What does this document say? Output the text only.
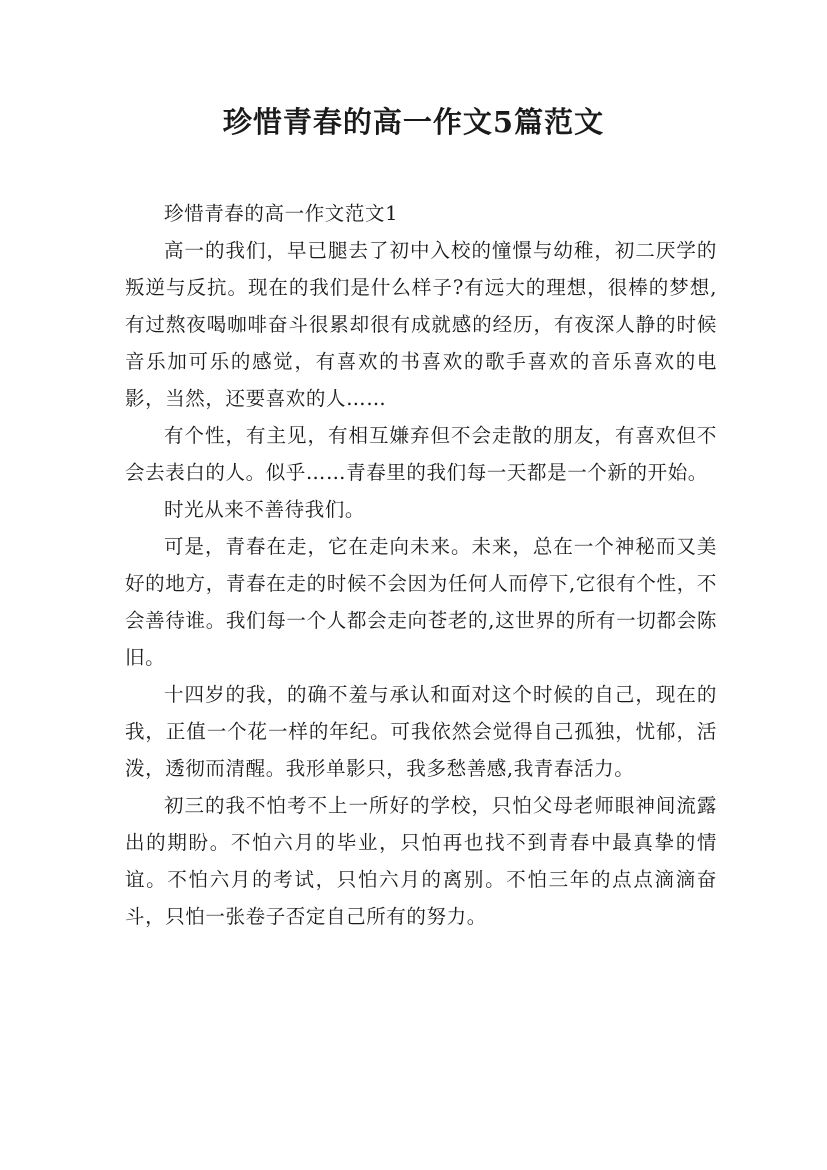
珍惜青春的高一作文5篇范文

珍惜青春的高一作文范文1

高一的我们，早已腿去了初中入校的憧憬与幼稚，初二厌学的叛逆与反抗。现在的我们是什么样子?有远大的理想，很棒的梦想,有过熬夜喝咖啡奋斗很累却很有成就感的经历，有夜深人静的时候音乐加可乐的感觉，有喜欢的书喜欢的歌手喜欢的音乐喜欢的电影，当然，还要喜欢的人……

有个性，有主见，有相互嫌弃但不会走散的朋友，有喜欢但不会去表白的人。似乎……青春里的我们每一天都是一个新的开始。

时光从来不善待我们。

可是，青春在走，它在走向未来。未来，总在一个神秘而又美好的地方，青春在走的时候不会因为任何人而停下,它很有个性，不会善待谁。我们每一个人都会走向苍老的,这世界的所有一切都会陈旧。

十四岁的我，的确不羞与承认和面对这个时候的自己，现在的我，正值一个花一样的年纪。可我依然会觉得自己孤独，忧郁，活泼，透彻而清醒。我形单影只，我多愁善感,我青春活力。

初三的我不怕考不上一所好的学校，只怕父母老师眼神间流露出的期盼。不怕六月的毕业，只怕再也找不到青春中最真挚的情谊。不怕六月的考试，只怕六月的离别。不怕三年的点点滴滴奋斗，只怕一张卷子否定自己所有的努力。
